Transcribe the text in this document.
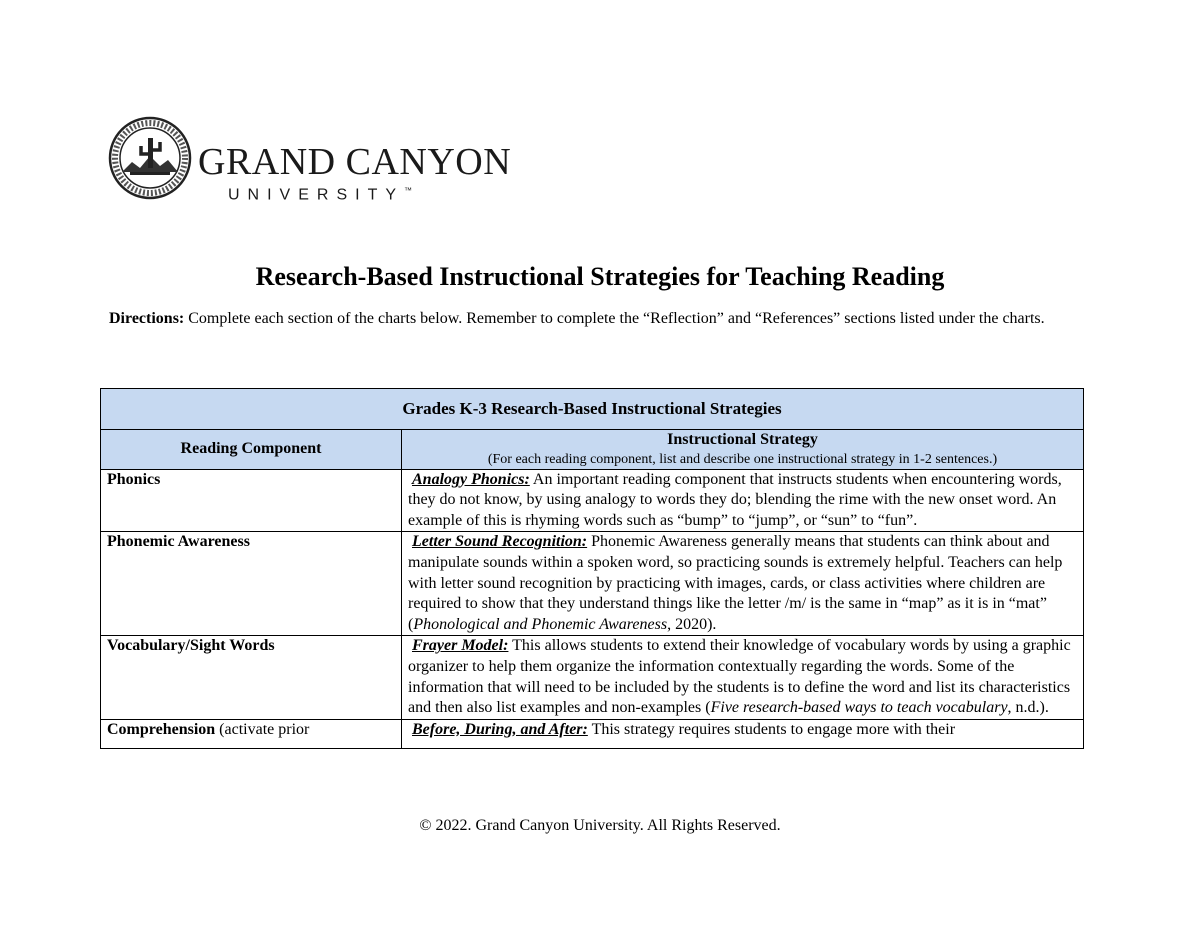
GRAND CANYON
UNIVERSITY™
Research-Based Instructional Strategies for Teaching Reading
Directions: Complete each section of the charts below. Remember to complete the “Reflection” and “References” sections listed under the charts.
Grades K-3 Research-Based Instructional Strategies	
Reading Component	Instructional Strategy
(For each reading component, list and describe one instructional strategy in 1-2 sentences.)

Phonics	Analogy Phonics: An important reading component that instructs students when encountering words, they do not know, by using analogy to words they do; blending the rime with the new onset word. An example of this is rhyming words such as “bump” to “jump”, or “sun” to “fun”.
Phonemic Awareness	Letter Sound Recognition: Phonemic Awareness generally means that students can think about and manipulate sounds within a spoken word, so practicing sounds is extremely helpful. Teachers can help with letter sound recognition by practicing with images, cards, or class activities where children are required to show that they understand things like the letter /m/ is the same in “map” as it is in “mat” (Phonological and Phonemic Awareness, 2020).
Vocabulary/Sight Words	Frayer Model: This allows students to extend their knowledge of vocabulary words by using a graphic organizer to help them organize the information contextually regarding the words. Some of the information that will need to be included by the students is to define the word and list its characteristics and then also list examples and non-examples (Five research-based ways to teach vocabulary, n.d.).

Comprehension (activate prior	Before, During, and After: This strategy requires students to engage more with their
© 2022. Grand Canyon University. All Rights Reserved.
